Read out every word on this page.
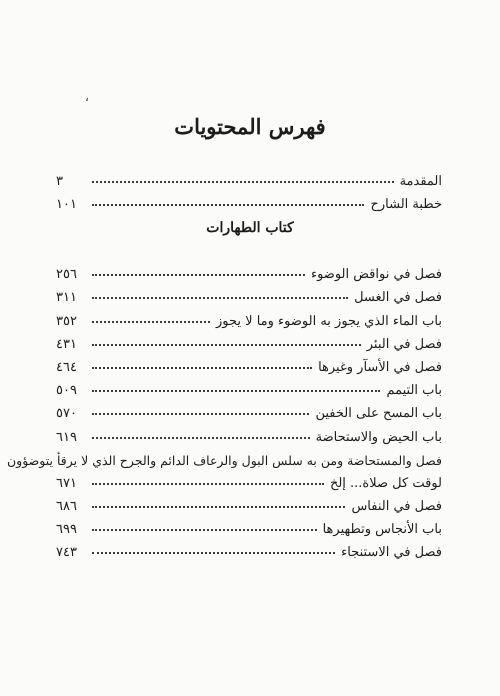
،
فهرس المحتويات
المقدمة
٣
خطبة الشارح
١٠١
كتاب الطهارات
فصل في نواقض الوضوء
٢٥٦
فصل في الغسل
٣١١
باب الماء الذي يجوز به الوضوء وما لا يجوز
٣٥٢
فصل في البئر
٤٣١
فصل في الأسآر وغيرها
٤٦٤
باب التيمم
٥٠٩
باب المسح على الخفين
٥٧٠
باب الحيض والاستحاضة
٦١٩
فصل والمستحاضة ومن به سلس البول والرعاف الدائم والجرح الذي لا يرقأ يتوضؤون
لوقت كل صلاة... إلخ
٦٧١
فصل في النفاس
٦٨٦
باب الأنجاس وتطهيرها
٦٩٩
فصل في الاستنجاء
٧٤٣
